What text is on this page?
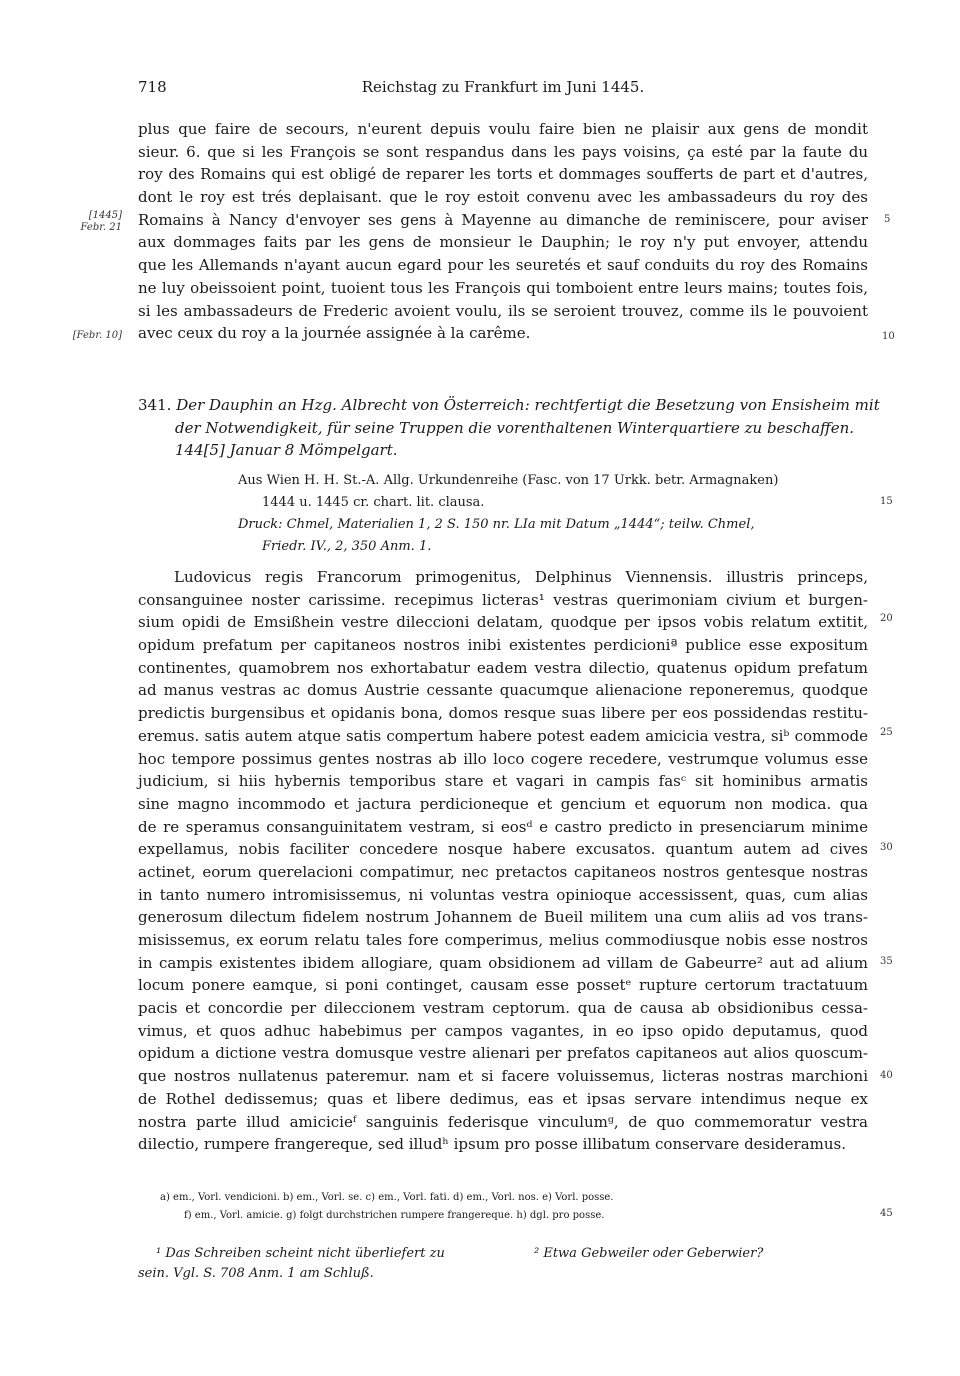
718	Reichstag zu Frankfurt im Juni 1445.
[1445] Febr. 21
[Febr. 10]
plus que faire de secours, n'eurent depuis voulu faire bien ne plaisir aux gens de mondit
sieur. 6. que si les François se sont respandus dans les pays voisins, ça esté par la faute du
roy des Romains qui est obligé de reparer les torts et dommages soufferts de part et d'autres,
dont le roy est trés deplaisant. que le roy estoit convenu avec les ambassadeurs du roy des
Romains à Nancy d'envoyer ses gens à Mayenne au dimanche de reminiscere, pour aviser
aux dommages faits par les gens de monsieur le Dauphin; le roy n'y put envoyer, attendu
que les Allemands n'ayant aucun egard pour les seuretés et sauf conduits du roy des Romains
ne luy obeissoient point, tuoient tous les François qui tomboient entre leurs mains; toutes fois,
si les ambassadeurs de Frederic avoient voulu, ils se seroient trouvez, comme ils le pouvoient
avec ceux du roy a la journée assignée à la carême.
5
10
341. Der Dauphin an Hzg. Albrecht von Österreich: rechtfertigt die Besetzung von Ensisheim mit
der Notwendigkeit, für seine Truppen die vorenthaltenen Winterquartiere zu beschaffen.
144[5] Januar 8 Mömpelgart.
Aus Wien H. H. St.-A. Allg. Urkundenreihe (Fasc. von 17 Urkk. betr. Armagnaken)
1444 u. 1445 cr. chart. lit. clausa.
Druck: Chmel, Materialien 1, 2 S. 150 nr. LIa mit Datum „1444“; teilw. Chmel,
Friedr. IV., 2, 350 Anm. 1.
15
Ludovicus regis Francorum primogenitus, Delphinus Viennensis. illustris princeps,
consanguinee noster carissime. recepimus licteras¹ vestras querimoniam civium et burgen-
sium opidi de Emsißhein vestre dileccioni delatam, quodque per ipsos vobis relatum extitit,
opidum prefatum per capitaneos nostros inibi existentes perdicioniª publice esse expositum
continentes, quamobrem nos exhortabatur eadem vestra dilectio, quatenus opidum prefatum
ad manus vestras ac domus Austrie cessante quacumque alienacione reponeremus, quodque
predictis burgensibus et opidanis bona, domos resque suas libere per eos possidendas restitu-
eremus. satis autem atque satis compertum habere potest eadem amicicia vestra, siᵇ commode
hoc tempore possimus gentes nostras ab illo loco cogere recedere, vestrumque volumus esse
judicium, si hiis hybernis temporibus stare et vagari in campis fasᶜ sit hominibus armatis
sine magno incommodo et jactura perdicioneque et gencium et equorum non modica. qua
de re speramus consanguinitatem vestram, si eosᵈ e castro predicto in presenciarum minime
expellamus, nobis faciliter concedere nosque habere excusatos. quantum autem ad cives
actinet, eorum querelacioni compatimur, nec pretactos capitaneos nostros gentesque nostras
in tanto numero intromisissemus, ni voluntas vestra opinioque accessissent, quas, cum alias
generosum dilectum fidelem nostrum Johannem de Bueil militem una cum aliis ad vos trans-
misissemus, ex eorum relatu tales fore comperimus, melius commodiusque nobis esse nostros
in campis existentes ibidem allogiare, quam obsidionem ad villam de Gabeurre² aut ad alium
locum ponere eamque, si poni continget, causam esse possetᵉ rupture certorum tractatuum
pacis et concordie per dileccionem vestram ceptorum. qua de causa ab obsidionibus cessa-
vimus, et quos adhuc habebimus per campos vagantes, in eo ipso opido deputamus, quod
opidum a dictione vestra domusque vestre alienari per prefatos capitaneos aut alios quoscum-
que nostros nullatenus pateremur. nam et si facere voluissemus, licteras nostras marchioni
de Rothel dedissemus; quas et libere dedimus, eas et ipsas servare intendimus neque ex
nostra parte illud amicicieᶠ sanguinis federisque vinculumᵍ, de quo commemoratur vestra
dilectio, rumpere frangereque, sed illudʰ ipsum pro posse illibatum conservare desideramus.
20
25
30
35
40
a) em., Vorl. vendicioni. b) em., Vorl. se. c) em., Vorl. fati. d) em., Vorl. nos. e) Vorl. posse.
f) em., Vorl. amicie. g) folgt durchstrichen rumpere frangereque. h) dgl. pro posse.	45
¹ Das Schreiben scheint nicht überliefert zu
sein. Vgl. S. 708 Anm. 1 am Schluß.
² Etwa Gebweiler oder Geberwier?
